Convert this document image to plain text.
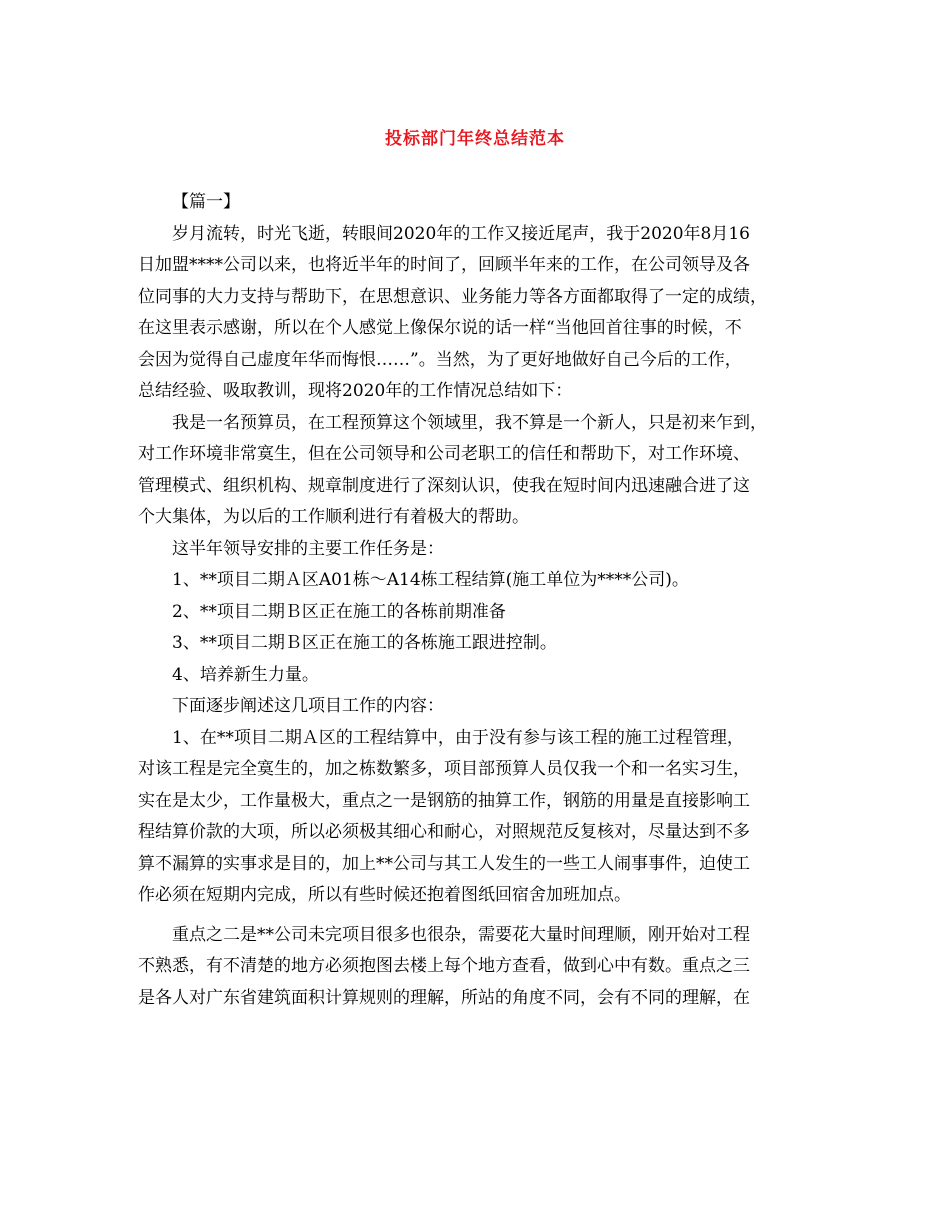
投标部门年终总结范本

【篇一】

岁月流转，时光飞逝，转眼间2020年的工作又接近尾声，我于2020年8月16
日加盟****公司以来，也将近半年的时间了，回顾半年来的工作，在公司领导及各
位同事的大力支持与帮助下，在思想意识、业务能力等各方面都取得了一定的成绩，
在这里表示感谢，所以在个人感觉上像保尔说的话一样“当他回首往事的时候，不
会因为觉得自己虚度年华而悔恨……”。当然，为了更好地做好自己今后的工作，
总结经验、吸取教训，现将2020年的工作情况总结如下：

我是一名预算员，在工程预算这个领域里，我不算是一个新人，只是初来乍到，
对工作环境非常寞生，但在公司领导和公司老职工的信任和帮助下，对工作环境、
管理模式、组织机构、规章制度进行了深刻认识，使我在短时间内迅速融合进了这
个大集体，为以后的工作顺利进行有着极大的帮助。

这半年领导安排的主要工作任务是：

1、**项目二期Ａ区A01栋～A14栋工程结算(施工单位为****公司)。

2、**项目二期Ｂ区正在施工的各栋前期准备

3、**项目二期Ｂ区正在施工的各栋施工跟进控制。

4、培养新生力量。

下面逐步阐述这几项目工作的内容：

1、在**项目二期Ａ区的工程结算中，由于没有参与该工程的施工过程管理，
对该工程是完全寞生的，加之栋数繁多，项目部预算人员仅我一个和一名实习生，
实在是太少，工作量极大，重点之一是钢筋的抽算工作，钢筋的用量是直接影响工
程结算价款的大项，所以必须极其细心和耐心，对照规范反复核对，尽量达到不多
算不漏算的实事求是目的，加上**公司与其工人发生的一些工人闹事事件，迫使工
作必须在短期内完成，所以有些时候还抱着图纸回宿舍加班加点。

重点之二是**公司未完项目很多也很杂，需要花大量时间理顺，刚开始对工程
不熟悉，有不清楚的地方必须抱图去楼上每个地方查看，做到心中有数。重点之三
是各人对广东省建筑面积计算规则的理解，所站的角度不同，会有不同的理解，在
